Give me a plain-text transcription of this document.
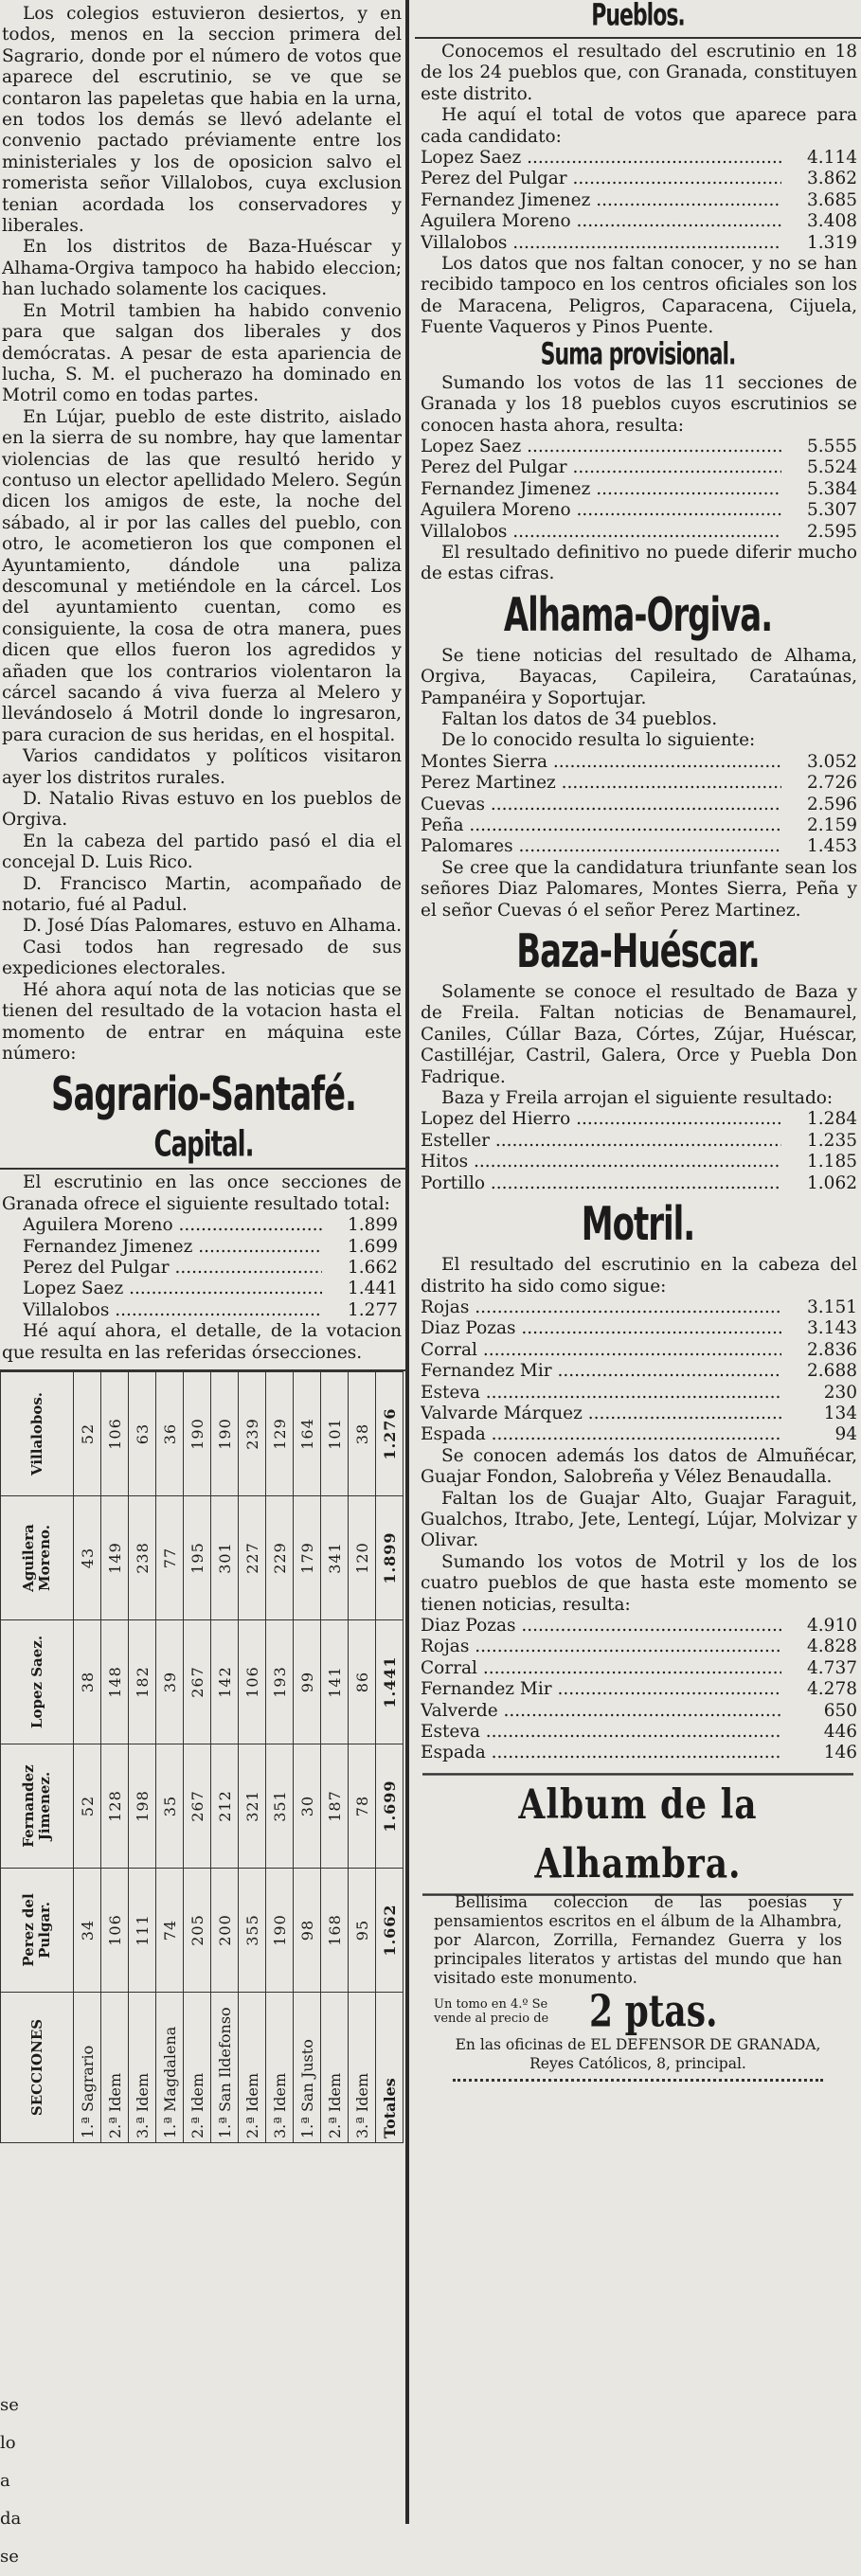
Los colegios estuvieron desiertos, y en todos, menos en la seccion primera del Sagrario, donde por el número de votos que aparece del escrutinio, se ve que se contaron las papeletas que habia en la urna, en todos los demás se llevó adelante el convenio pactado préviamente entre los ministeriales y los de oposicion salvo el romerista señor Villalobos, cuya exclusion tenian acordada los conservadores y liberales.

En los distritos de Baza-Huéscar y Alhama-Orgiva tampoco ha habido eleccion; han luchado solamente los caciques.

En Motril tambien ha habido convenio para que salgan dos liberales y dos demócratas. A pesar de esta apariencia de lucha, S. M. el pucherazo ha dominado en Motril como en todas partes.

En Lújar, pueblo de este distrito, aislado en la sierra de su nombre, hay que lamentar violencias de las que resultó herido y contuso un elector apellidado Melero. Según dicen los amigos de este, la noche del sábado, al ir por las calles del pueblo, con otro, le acometieron los que componen el Ayuntamiento, dándole una paliza descomunal y metiéndole en la cárcel. Los del ayuntamiento cuentan, como es consiguiente, la cosa de otra manera, pues dicen que ellos fueron los agredidos y añaden que los contrarios violentaron la cárcel sacando á viva fuerza al Melero y llevándoselo á Motril donde lo ingresaron, para curacion de sus heridas, en el hospital.

Varios candidatos y políticos visitaron ayer los distritos rurales.

D. Natalio Rivas estuvo en los pueblos de Orgiva.

En la cabeza del partido pasó el dia el concejal D. Luis Rico.

D. Francisco Martin, acompañado de notario, fué al Padul.

D. José Días Palomares, estuvo en Alhama.

Casi todos han regresado de sus expediciones electorales.

Hé ahora aquí nota de las noticias que se tienen del resultado de la votacion hasta el momento de entrar en máquina este número:

Sagrario-Santafé.
Capital.

El escrutinio en las once secciones de Granada ofrece el siguiente resultado total:

Aguilera Moreno .....	1.899
Fernandez Jimenez .....	1.699
Perez del Pulgar .....	1.662
Lopez Saez .....	1.441
Villalobos .....	1.277

Hé aquí ahora, el detalle, de la votacion que resulta en las referidas órsecciones.

SECCIONES	Perez del Pulgar.	Fernandez Jimenez.	Lopez Saez.	Aguilera Moreno.	Villalobos.
1.ª Sagrario	34	52	38	43	52
2.ª Idem	106	128	148	149	106
3.ª Idem	111	198	182	238	63
1.ª Magdalena	74	35	39	77	36
2.ª Idem	205	267	267	195	190
1.ª San Ildefonso	200	212	142	301	190
2.ª Idem	355	321	106	227	239
3.ª Idem	190	351	193	229	129
1.ª San Justo	98	30	99	179	164
2.ª Idem	168	187	141	341	101
3.ª Idem	95	78	86	120	38
Totales	1.662	1.699	1.441	1.899	1.276
se
lo
a
da
se
Pueblos.

Conocemos el resultado del escrutinio en 18 de los 24 pueblos que, con Granada, constituyen este distrito.

He aquí el total de votos que aparece para cada candidato:

Lopez Saez .....	4.114
Perez del Pulgar .....	3.862
Fernandez Jimenez .....	3.685
Aguilera Moreno .....	3.408
Villalobos .....	1.319

Los datos que nos faltan conocer, y no se han recibido tampoco en los centros oficiales son los de Maracena, Peligros, Caparacena, Cijuela, Fuente Vaqueros y Pinos Puente.

Suma provisional.

Sumando los votos de las 11 secciones de Granada y los 18 pueblos cuyos escrutinios se conocen hasta ahora, resulta:

Lopez Saez .....	5.555
Perez del Pulgar .....	5.524
Fernandez Jimenez .....	5.384
Aguilera Moreno .....	5.307
Villalobos .....	2.595

El resultado definitivo no puede diferir mucho de estas cifras.

Alhama-Orgiva.

Se tiene noticias del resultado de Alhama, Orgiva, Bayacas, Capileira, Carataúnas, Pampanéira y Soportujar.

Faltan los datos de 34 pueblos.

De lo conocido resulta lo siguiente:

Montes Sierra .....	3.052
Perez Martinez .....	2.726
Cuevas .....	2.596
Peña .....	2.159
Palomares .....	1.453

Se cree que la candidatura triunfante sean los señores Diaz Palomares, Montes Sierra, Peña y el señor Cuevas ó el señor Perez Martinez.

Baza-Huéscar.

Solamente se conoce el resultado de Baza y de Freila. Faltan noticias de Benamaurel, Caniles, Cúllar Baza, Córtes, Zújar, Huéscar, Castilléjar, Castril, Galera, Orce y Puebla Don Fadrique.

Baza y Freila arrojan el siguiente resultado:

Lopez del Hierro .....	1.284
Esteller .....	1.235
Hitos .....	1.185
Portillo .....	1.062
Motril.

El resultado del escrutinio en la cabeza del distrito ha sido como sigue:

Rojas .....	3.151
Diaz Pozas .....	3.143
Corral .....	2.836
Fernandez Mir .....	2.688
Esteva .....	230
Valvarde Márquez .....	134
Espada .....	94

Se conocen además los datos de Almuñécar, Guajar Fondon, Salobreña y Vélez Benaudalla.

Faltan los de Guajar Alto, Guajar Faraguit, Gualchos, Itrabo, Jete, Lentegí, Lújar, Molvizar y Olivar.

Sumando los votos de Motril y los de los cuatro pueblos de que hasta este momento se tienen noticias, resulta:

Diaz Pozas .....	4.910
Rojas .....	4.828
Corral .....	4.737
Fernandez Mir .....	4.278
Valverde .....	650
Esteva .....	446
Espada .....	146
Album de la Alhambra.
Bellísima coleccion de las poesías y pensamientos escritos en el álbum de la Alhambra, por Alarcon, Zorrilla, Fernandez Guerra y los principales literatos y artistas del mundo que han visitado este monumento.
Un tomo en 4.º Se vende al precio de	2 ptas.
En las oficinas de EL DEFENSOR DE GRANADA,
Reyes Católicos, 8, principal.
